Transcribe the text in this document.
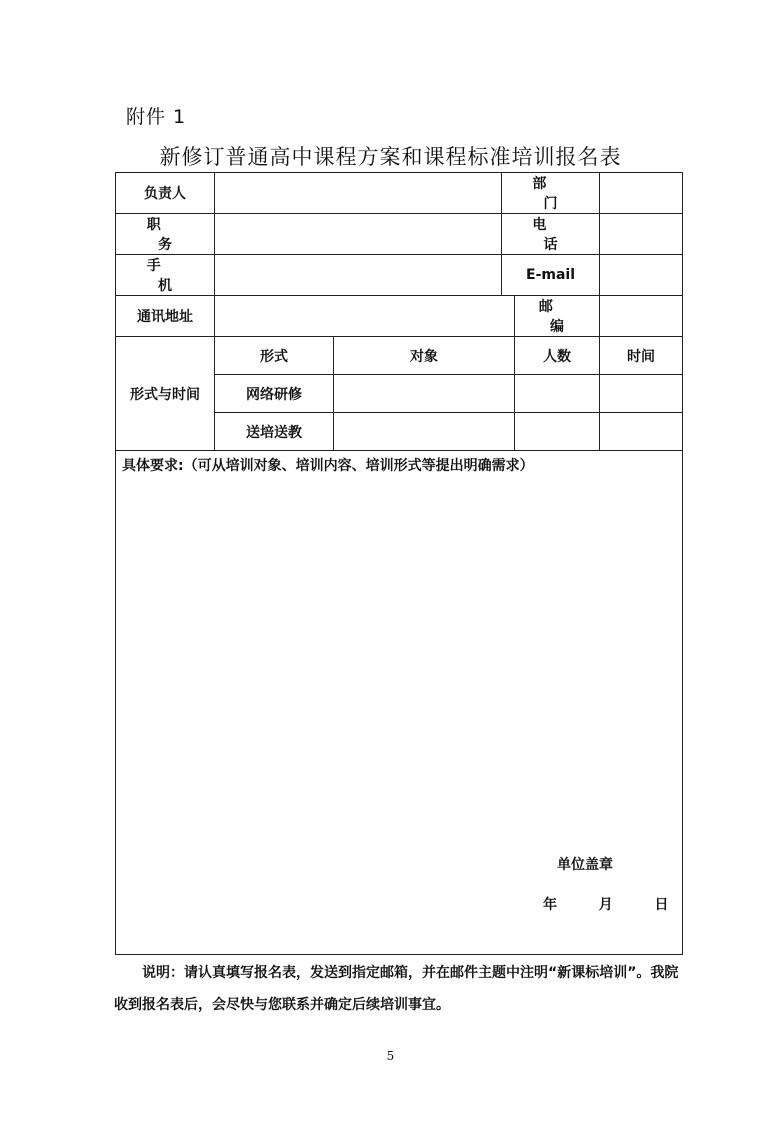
附件 1
新修订普通高中课程方案和课程标准培训报名表
负责人			部 门		
职 务			电 话		
手 机			E-mail		
通讯地址				邮 编	
形式与时间	形式	对象		人数	时间
	网络研修				
	送培送教				

具体要求:（可从培训对象、培训内容、培训形式等提出明确需求）
单位盖章
年 月 日					
说明：请认真填写报名表，发送到指定邮箱，并在邮件主题中注明“新课标培训”。我院收到报名表后，会尽快与您联系并确定后续培训事宜。
5
